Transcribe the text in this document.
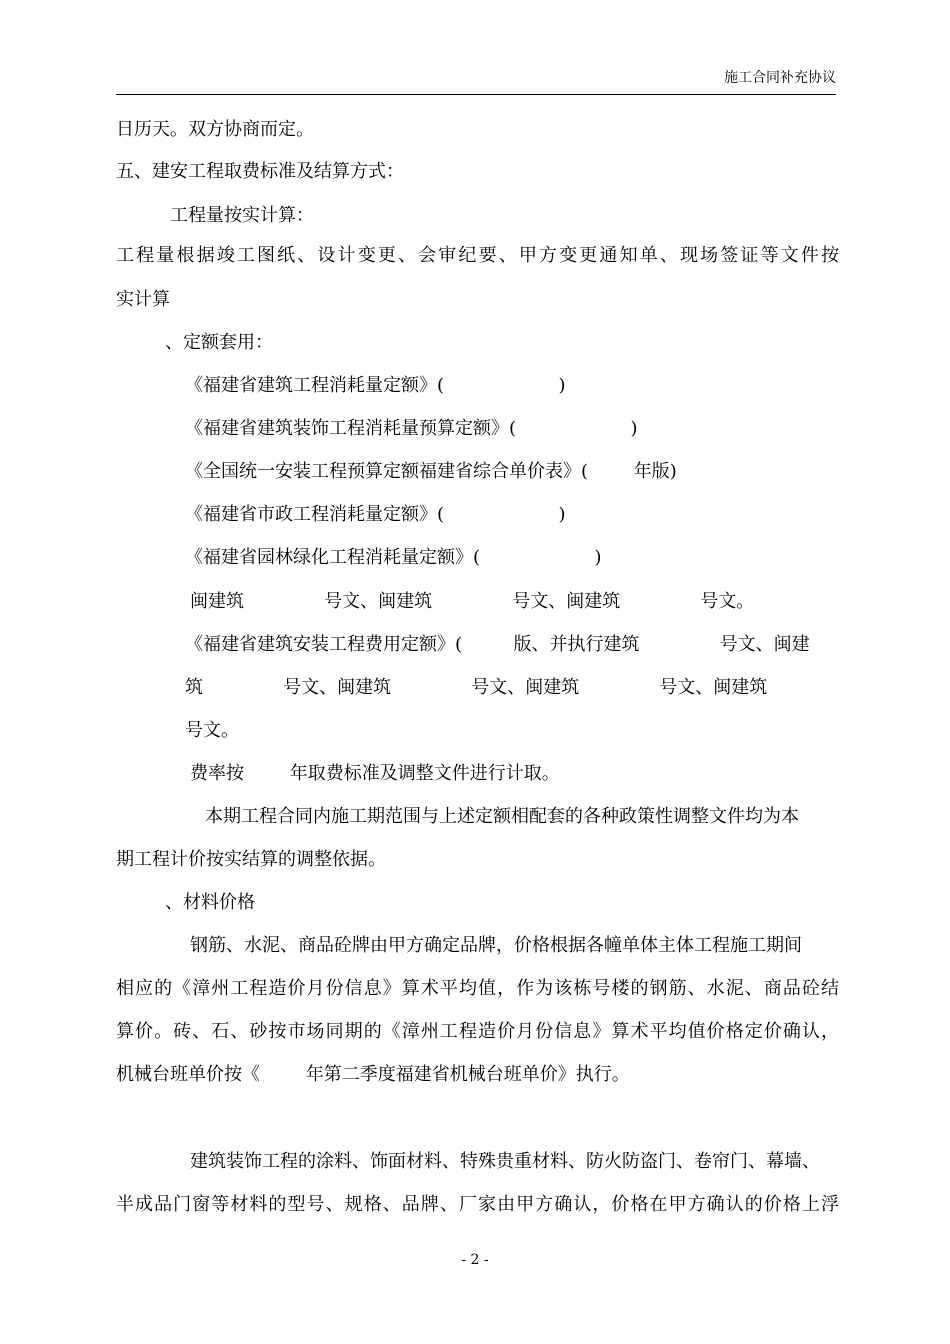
施工合同补充协议

日历天。双方协商而定。

五、建安工程取费标准及结算方式：

工程量按实计算：

工程量根据竣工图纸、设计变更、会审纪要、甲方变更通知单、现场签证等文件按

实计算

、定额套用：

《福建省建筑工程消耗量定额》(                    )

《福建省建筑装饰工程消耗量预算定额》(                    )

《全国统一安装工程预算定额福建省综合单价表》(        年版)

《福建省市政工程消耗量定额》(                    )

《福建省园林绿化工程消耗量定额》(                    )

闽建筑              号文、闽建筑              号文、闽建筑              号文。

《福建省建筑安装工程费用定额》(         版、并执行建筑              号文、闽建

筑              号文、闽建筑              号文、闽建筑              号文、闽建筑

号文。

费率按        年取费标准及调整文件进行计取。

本期工程合同内施工期范围与上述定额相配套的各种政策性调整文件均为本

期工程计价按实结算的调整依据。

、材料价格

钢筋、水泥、商品砼牌由甲方确定品牌，价格根据各幢单体主体工程施工期间

相应的《漳州工程造价月份信息》算术平均值，作为该栋号楼的钢筋、水泥、商品砼结

算价。砖、石、砂按市场同期的《漳州工程造价月份信息》算术平均值价格定价确认，

机械台班单价按《        年第二季度福建省机械台班单价》执行。

建筑装饰工程的涂料、饰面材料、特殊贵重材料、防火防盗门、卷帘门、幕墙、

半成品门窗等材料的型号、规格、品牌、厂家由甲方确认，价格在甲方确认的价格上浮

- 2 -
